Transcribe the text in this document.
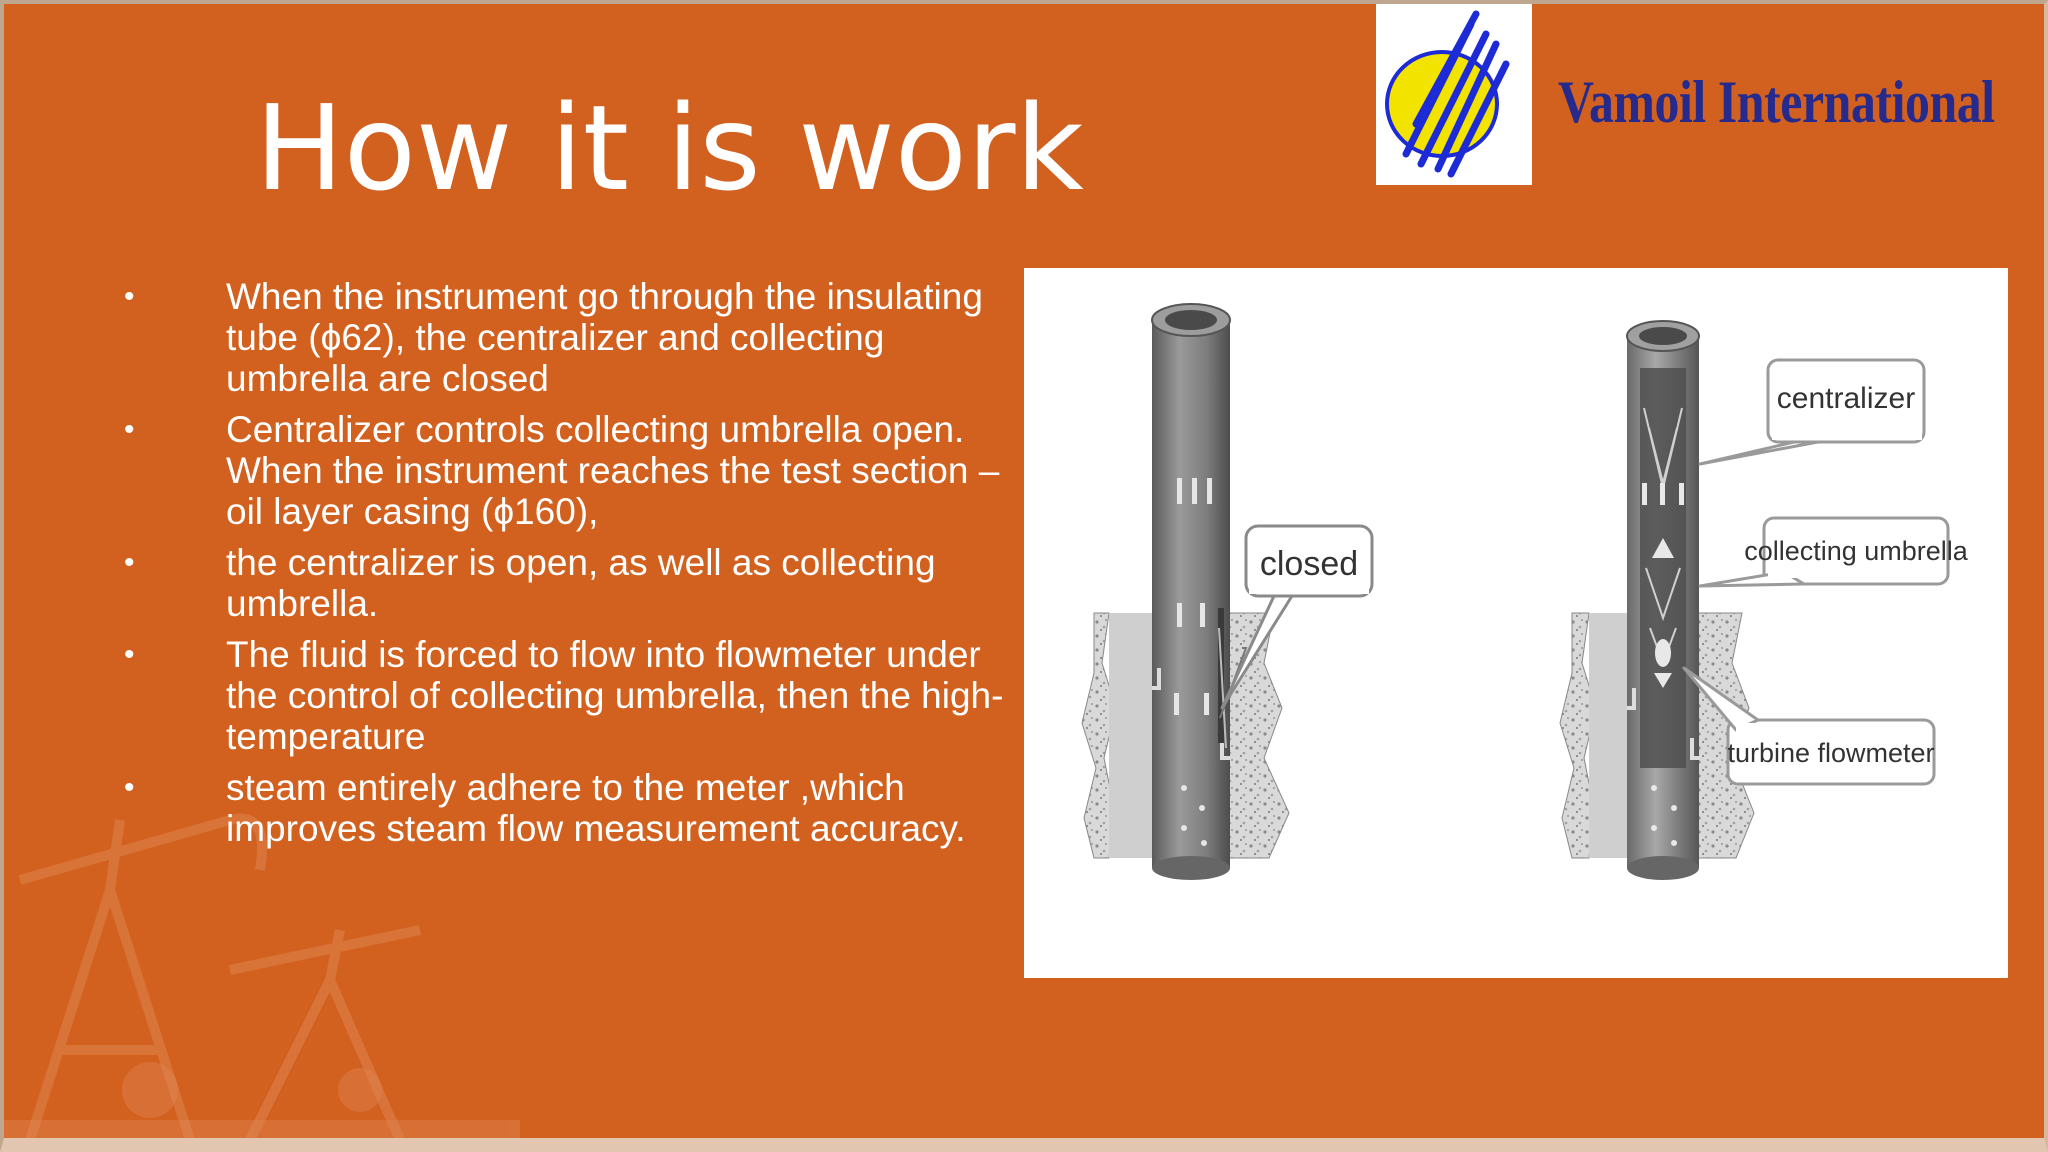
How it is work	Vamoil International
• When the instrument go through the insulating tube (ϕ62), the centralizer and collecting umbrella are closed
• Centralizer controls collecting umbrella open. When the instrument reaches the test section – oil layer casing (ϕ160),
• the centralizer is open, as well as collecting umbrella.
• The fluid is forced to flow into flowmeter under the control of collecting umbrella, then the high-temperature
• steam entirely adhere to the meter ,which improves steam flow measurement accuracy.
closed
centralizer
collecting umbrella
turbine flowmeter
